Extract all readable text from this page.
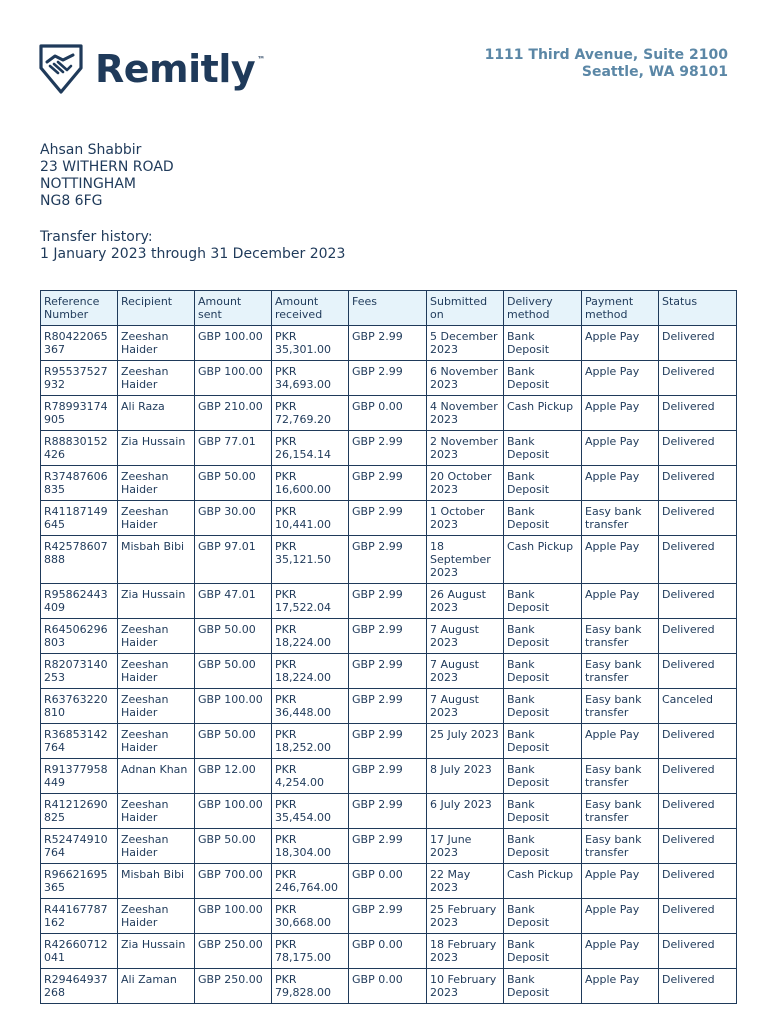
Remitly ™	1111 Third Avenue, Suite 2100
Seattle, WA 98101
Ahsan Shabbir
23 WITHERN ROAD
NOTTINGHAM
NG8 6FG
Transfer history:
1 January 2023 through 31 December 2023
Reference Number	Recipient	Amount sent	Amount received	Fees	Submitted on	Delivery method	Payment method	Status
R80422065367	Zeeshan Haider	GBP 100.00	PKR 35,301.00	GBP 2.99	5 December 2023	Bank Deposit	Apple Pay	Delivered
R95537527932	Zeeshan Haider	GBP 100.00	PKR 34,693.00	GBP 2.99	6 November 2023	Bank Deposit	Apple Pay	Delivered
R78993174905	Ali Raza	GBP 210.00	PKR 72,769.20	GBP 0.00	4 November 2023	Cash Pickup	Apple Pay	Delivered
R88830152426	Zia Hussain	GBP 77.01	PKR 26,154.14	GBP 2.99	2 November 2023	Bank Deposit	Apple Pay	Delivered
R37487606835	Zeeshan Haider	GBP 50.00	PKR 16,600.00	GBP 2.99	20 October 2023	Bank Deposit	Apple Pay	Delivered
R41187149645	Zeeshan Haider	GBP 30.00	PKR 10,441.00	GBP 2.99	1 October 2023	Bank Deposit	Easy bank transfer	Delivered
R42578607888	Misbah Bibi	GBP 97.01	PKR 35,121.50	GBP 2.99	18 September 2023	Cash Pickup	Apple Pay	Delivered
R95862443409	Zia Hussain	GBP 47.01	PKR 17,522.04	GBP 2.99	26 August 2023	Bank Deposit	Apple Pay	Delivered
R64506296803	Zeeshan Haider	GBP 50.00	PKR 18,224.00	GBP 2.99	7 August 2023	Bank Deposit	Easy bank transfer	Delivered
R82073140253	Zeeshan Haider	GBP 50.00	PKR 18,224.00	GBP 2.99	7 August 2023	Bank Deposit	Easy bank transfer	Delivered
R63763220810	Zeeshan Haider	GBP 100.00	PKR 36,448.00	GBP 2.99	7 August 2023	Bank Deposit	Easy bank transfer	Canceled
R36853142764	Zeeshan Haider	GBP 50.00	PKR 18,252.00	GBP 2.99	25 July 2023	Bank Deposit	Apple Pay	Delivered
R91377958449	Adnan Khan	GBP 12.00	PKR 4,254.00	GBP 2.99	8 July 2023	Bank Deposit	Easy bank transfer	Delivered
R41212690825	Zeeshan Haider	GBP 100.00	PKR 35,454.00	GBP 2.99	6 July 2023	Bank Deposit	Easy bank transfer	Delivered
R52474910764	Zeeshan Haider	GBP 50.00	PKR 18,304.00	GBP 2.99	17 June 2023	Bank Deposit	Easy bank transfer	Delivered
R96621695365	Misbah Bibi	GBP 700.00	PKR 246,764.00	GBP 0.00	22 May 2023	Cash Pickup	Apple Pay	Delivered
R44167787162	Zeeshan Haider	GBP 100.00	PKR 30,668.00	GBP 2.99	25 February 2023	Bank Deposit	Apple Pay	Delivered
R42660712041	Zia Hussain	GBP 250.00	PKR 78,175.00	GBP 0.00	18 February 2023	Bank Deposit	Apple Pay	Delivered
R29464937268	Ali Zaman	GBP 250.00	PKR 79,828.00	GBP 0.00	10 February 2023	Bank Deposit	Apple Pay	Delivered
